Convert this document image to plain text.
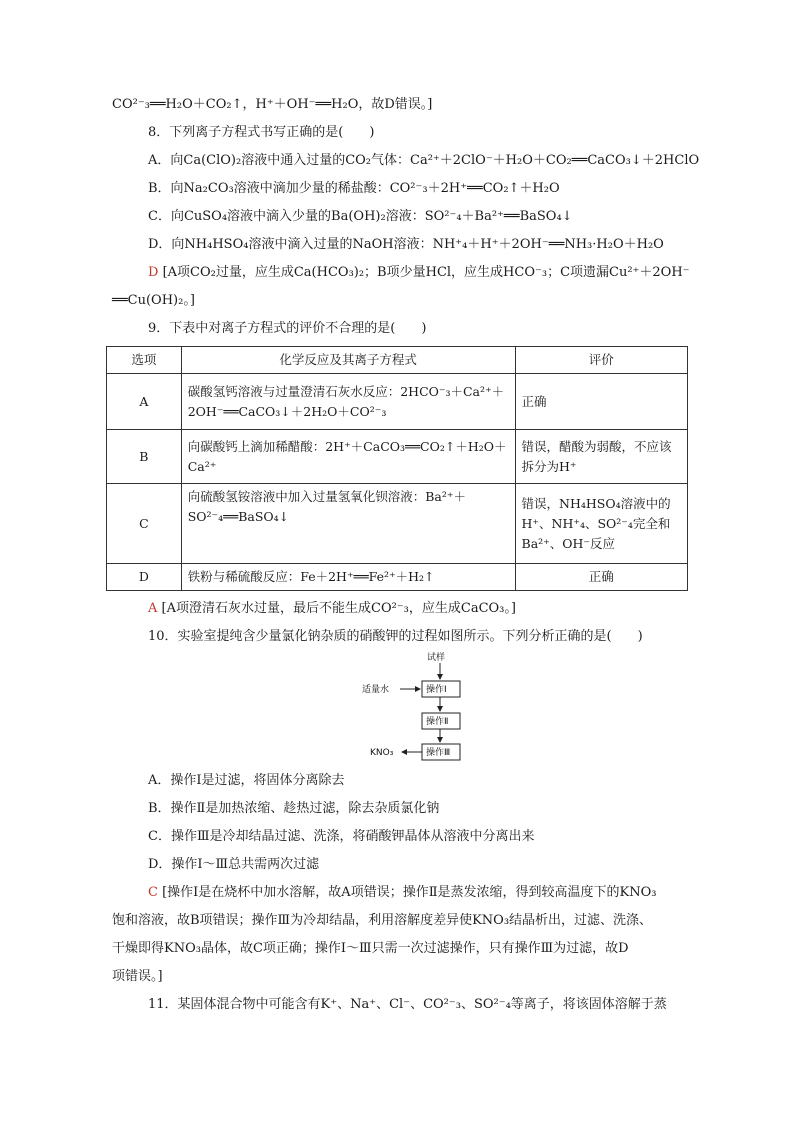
CO²⁻₃══H₂O＋CO₂↑，H⁺＋OH⁻══H₂O，故D错误。]
8．下列离子方程式书写正确的是(　　)
A．向Ca(ClO)₂溶液中通入过量的CO₂气体：Ca²⁺＋2ClO⁻＋H₂O＋CO₂══CaCO₃↓＋2HClO
B．向Na₂CO₃溶液中滴加少量的稀盐酸：CO²⁻₃＋2H⁺══CO₂↑＋H₂O
C．向CuSO₄溶液中滴入少量的Ba(OH)₂溶液：SO²⁻₄＋Ba²⁺══BaSO₄↓
D．向NH₄HSO₄溶液中滴入过量的NaOH溶液：NH⁺₄＋H⁺＋2OH⁻══NH₃·H₂O＋H₂O
D [A项CO₂过量，应生成Ca(HCO₃)₂；B项少量HCl，应生成HCO⁻₃；C项遗漏Cu²⁺＋2OH⁻
══Cu(OH)₂。]
9．下表中对离子方程式的评价不合理的是(　　)
选项	化学反应及其离子方程式	评价
A	碳酸氢钙溶液与过量澄清石灰水反应：2HCO⁻₃＋Ca²⁺＋2OH⁻══CaCO₃↓＋2H₂O＋CO²⁻₃	正确
B	向碳酸钙上滴加稀醋酸：2H⁺＋CaCO₃══CO₂↑＋H₂O＋Ca²⁺	错误，醋酸为弱酸，不应该拆分为H⁺
C	向硫酸氢铵溶液中加入过量氢氧化钡溶液：Ba²⁺＋SO²⁻₄══BaSO₄↓	错误，NH₄HSO₄溶液中的H⁺、NH⁺₄、SO²⁻₄完全和Ba²⁺、OH⁻反应
D	铁粉与稀硫酸反应：Fe＋2H⁺══Fe²⁺＋H₂↑	正确
A [A项澄清石灰水过量，最后不能生成CO²⁻₃，应生成CaCO₃。]
10．实验室提纯含少量氯化钠杂质的硝酸钾的过程如图所示。下列分析正确的是(　　)
试样
操作Ⅰ
适量水
操作Ⅱ
操作Ⅲ
KNO₃
A．操作Ⅰ是过滤，将固体分离除去
B．操作Ⅱ是加热浓缩、趁热过滤，除去杂质氯化钠
C．操作Ⅲ是冷却结晶过滤、洗涤，将硝酸钾晶体从溶液中分离出来
D．操作Ⅰ～Ⅲ总共需两次过滤
C [操作Ⅰ是在烧杯中加水溶解，故A项错误；操作Ⅱ是蒸发浓缩，得到较高温度下的KNO₃
饱和溶液，故B项错误；操作Ⅲ为冷却结晶，利用溶解度差异使KNO₃结晶析出，过滤、洗涤、
干燥即得KNO₃晶体，故C项正确；操作Ⅰ～Ⅲ只需一次过滤操作，只有操作Ⅲ为过滤，故D
项错误。]
11．某固体混合物中可能含有K⁺、Na⁺、Cl⁻、CO²⁻₃、SO²⁻₄等离子，将该固体溶解于蒸
